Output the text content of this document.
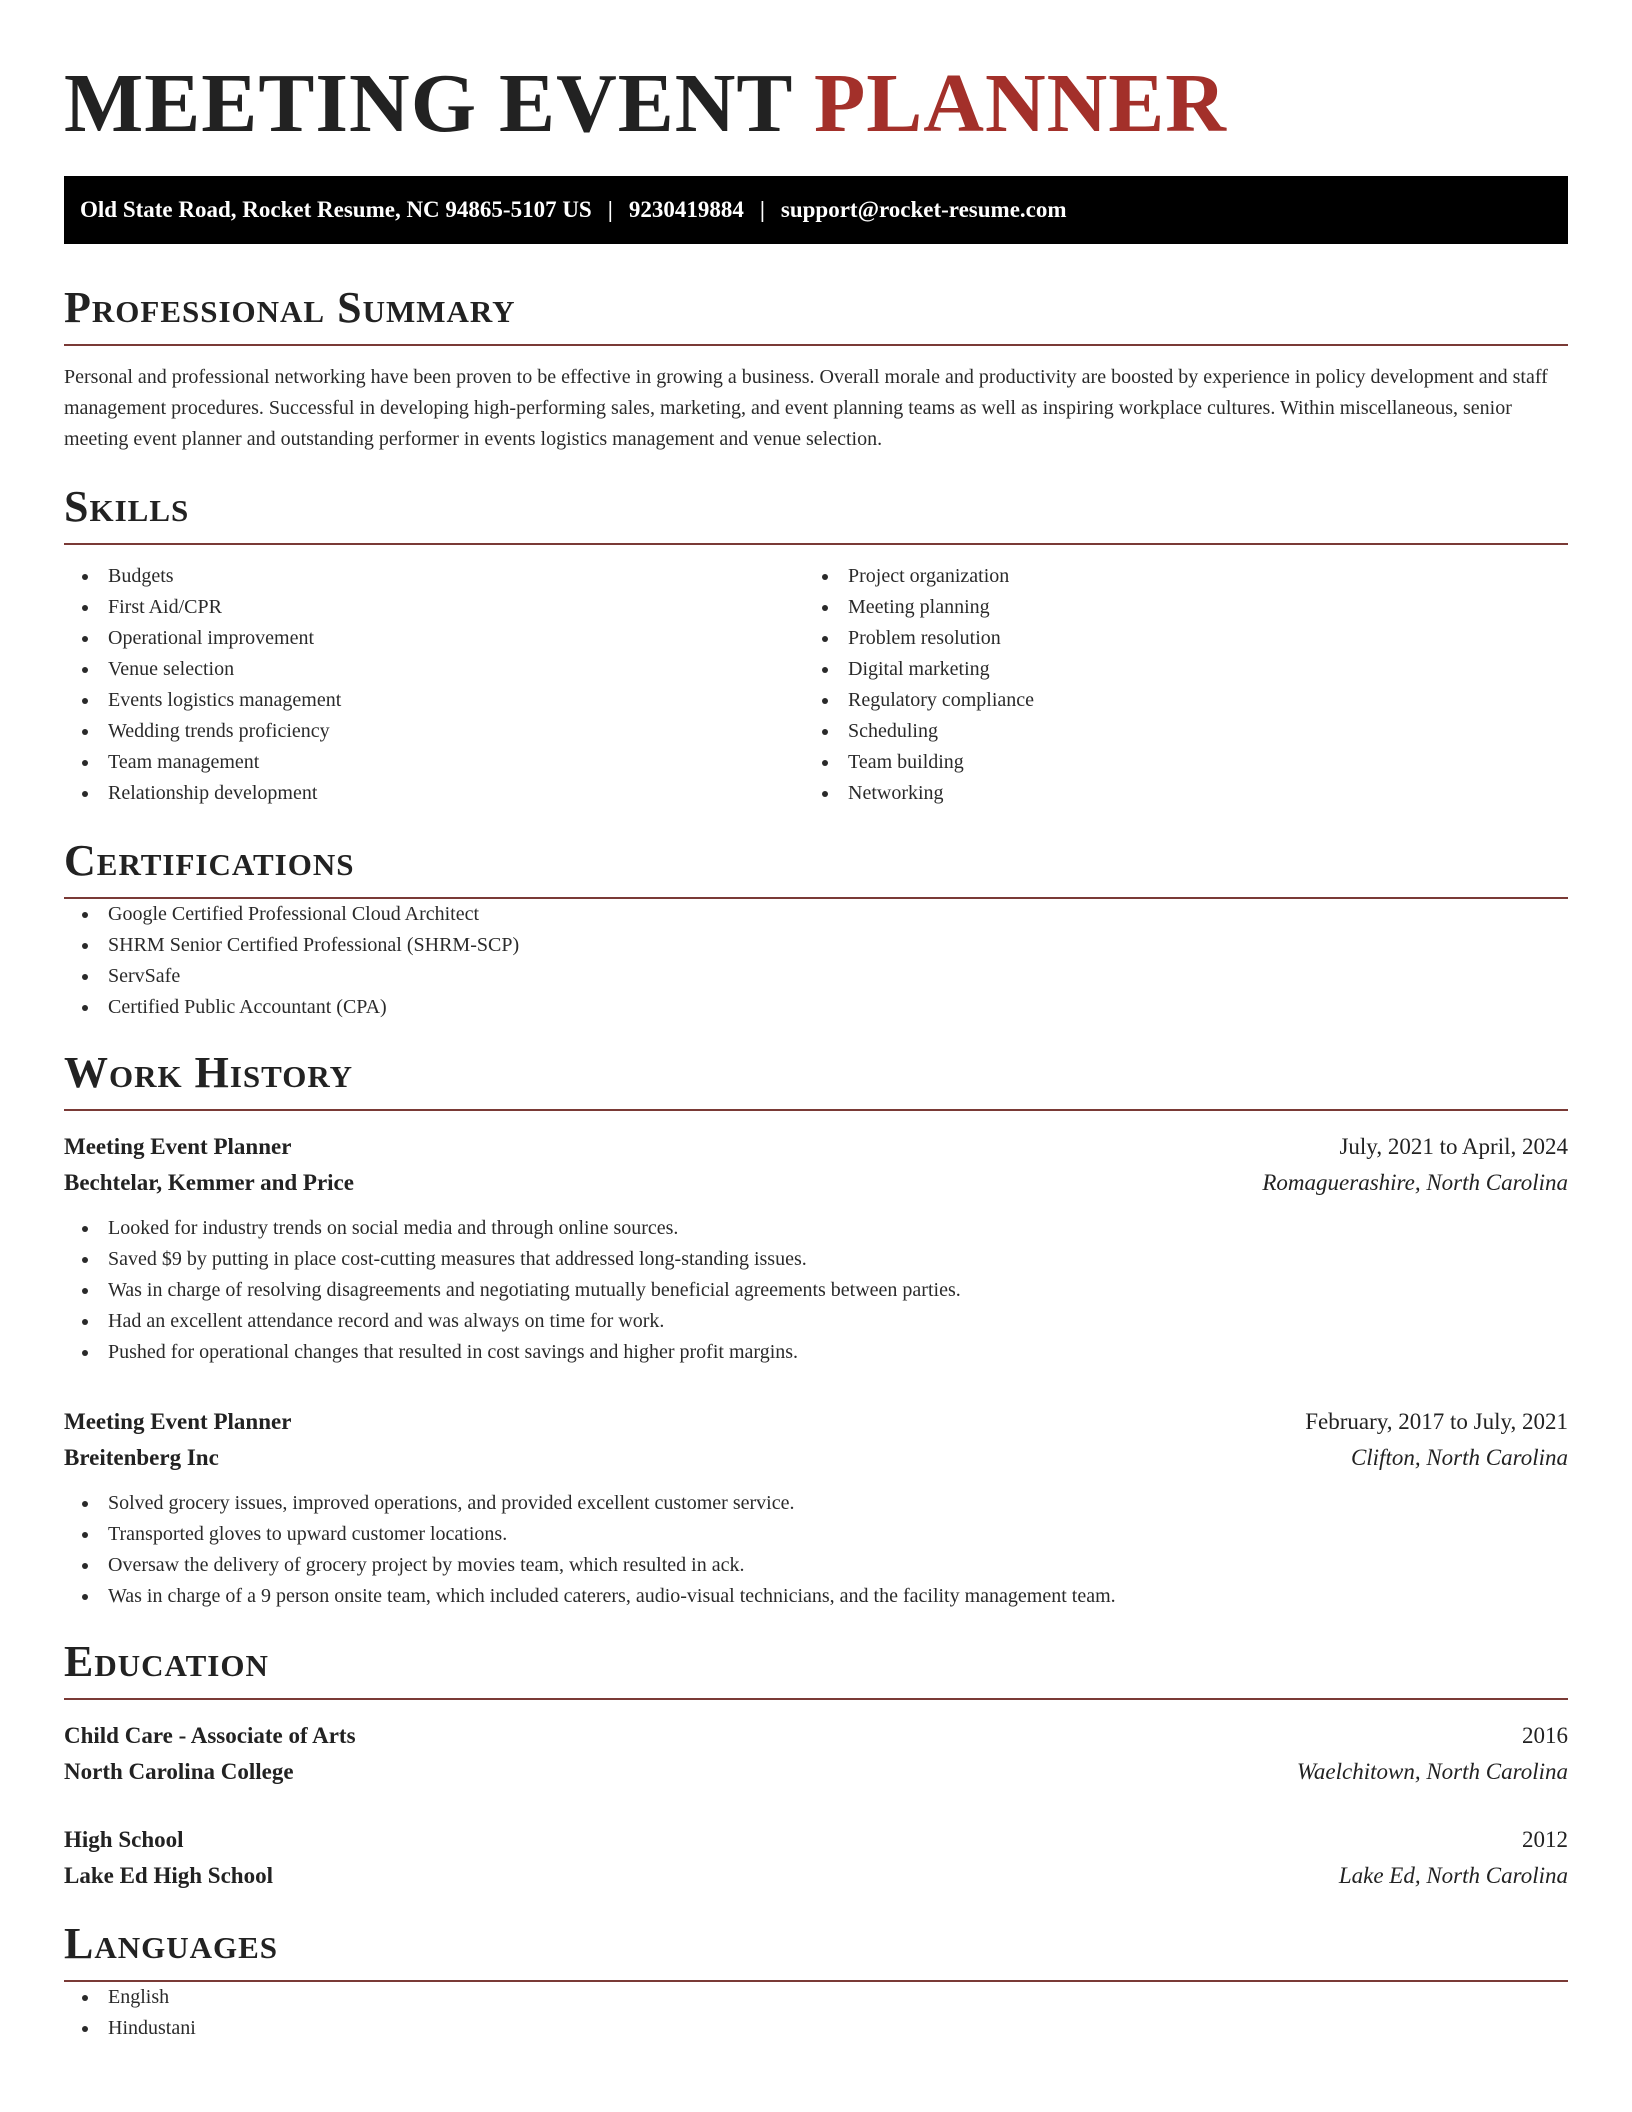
MEETING EVENT PLANNER
Old State Road, Rocket Resume, NC 94865-5107 US | 9230419884 | support@rocket-resume.com
Professional Summary

Personal and professional networking have been proven to be effective in growing a business. Overall morale and productivity are boosted by experience in policy development and staff management procedures. Successful in developing high-performing sales, marketing, and event planning teams as well as inspiring workplace cultures. Within miscellaneous, senior meeting event planner and outstanding performer in events logistics management and venue selection.

Skills
Budgets
First Aid/CPR
Operational improvement
Venue selection
Events logistics management
Wedding trends proficiency
Team management
Relationship development
Project organization
Meeting planning
Problem resolution
Digital marketing
Regulatory compliance
Scheduling
Team building
Networking
Certifications
Google Certified Professional Cloud Architect
SHRM Senior Certified Professional (SHRM-SCP)
ServSafe
Certified Public Accountant (CPA)
Work History
Meeting Event Planner	July, 2021 to April, 2024
Bechtelar, Kemmer and Price	Romaguerashire, North Carolina
Looked for industry trends on social media and through online sources.
Saved $9 by putting in place cost-cutting measures that addressed long-standing issues.
Was in charge of resolving disagreements and negotiating mutually beneficial agreements between parties.
Had an excellent attendance record and was always on time for work.
Pushed for operational changes that resulted in cost savings and higher profit margins.
Meeting Event Planner	February, 2017 to July, 2021
Breitenberg Inc	Clifton, North Carolina
Solved grocery issues, improved operations, and provided excellent customer service.
Transported gloves to upward customer locations.
Oversaw the delivery of grocery project by movies team, which resulted in ack.
Was in charge of a 9 person onsite team, which included caterers, audio-visual technicians, and the facility management team.
Education
Child Care - Associate of Arts	2016
North Carolina College	Waelchitown, North Carolina
High School	2012
Lake Ed High School	Lake Ed, North Carolina
Languages
English
Hindustani
